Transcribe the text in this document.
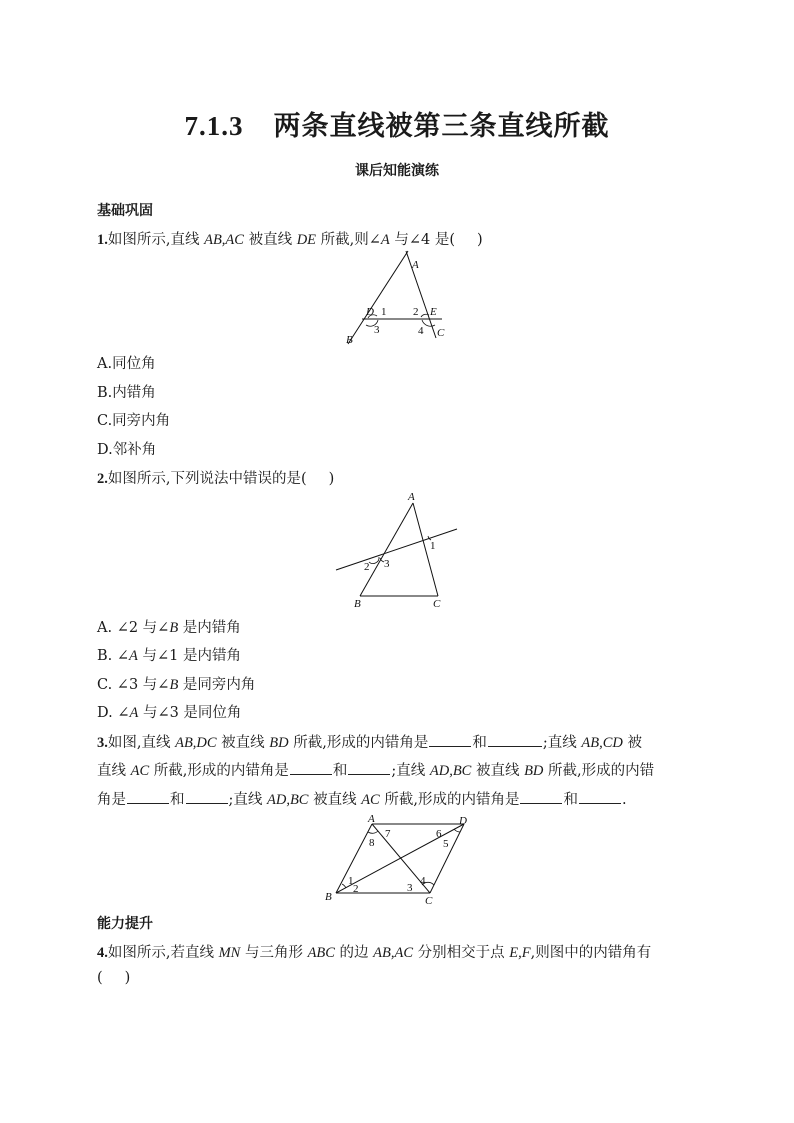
7.1.3 两条直线被第三条直线所截
课后知能演练
基础巩固
1.如图所示,直线 AB,AC 被直线 DE 所截,则∠A 与∠4 是( )
A
D 1 2 E
3	4
B
C
A.同位角
B.内错角
C.同旁内角
D.邻补角
2.如图所示,下列说法中错误的是( )
A
1
2 3
B	C
A. ∠2 与∠B 是内错角
B. ∠A 与∠1 是内错角
C. ∠3 与∠B 是同旁内角
D. ∠A 与∠3 是同位角
3.如图,直线 AB,DC 被直线 BD 所截,形成的内错角是	和	;直线 AB,CD 被
直线 AC 所截,形成的内错角是	和	;直线 AD,BC 被直线 BD 所截,形成的内错
角是	和	;直线 AD,BC 被直线 AC 所截,形成的内错角是	和	.
A	D
B	C
7
8
6
5
1
2	3
4
能力提升
4.如图所示,若直线 MN 与三角形 ABC 的边 AB,AC 分别相交于点 E,F,则图中的内错角有
( )
